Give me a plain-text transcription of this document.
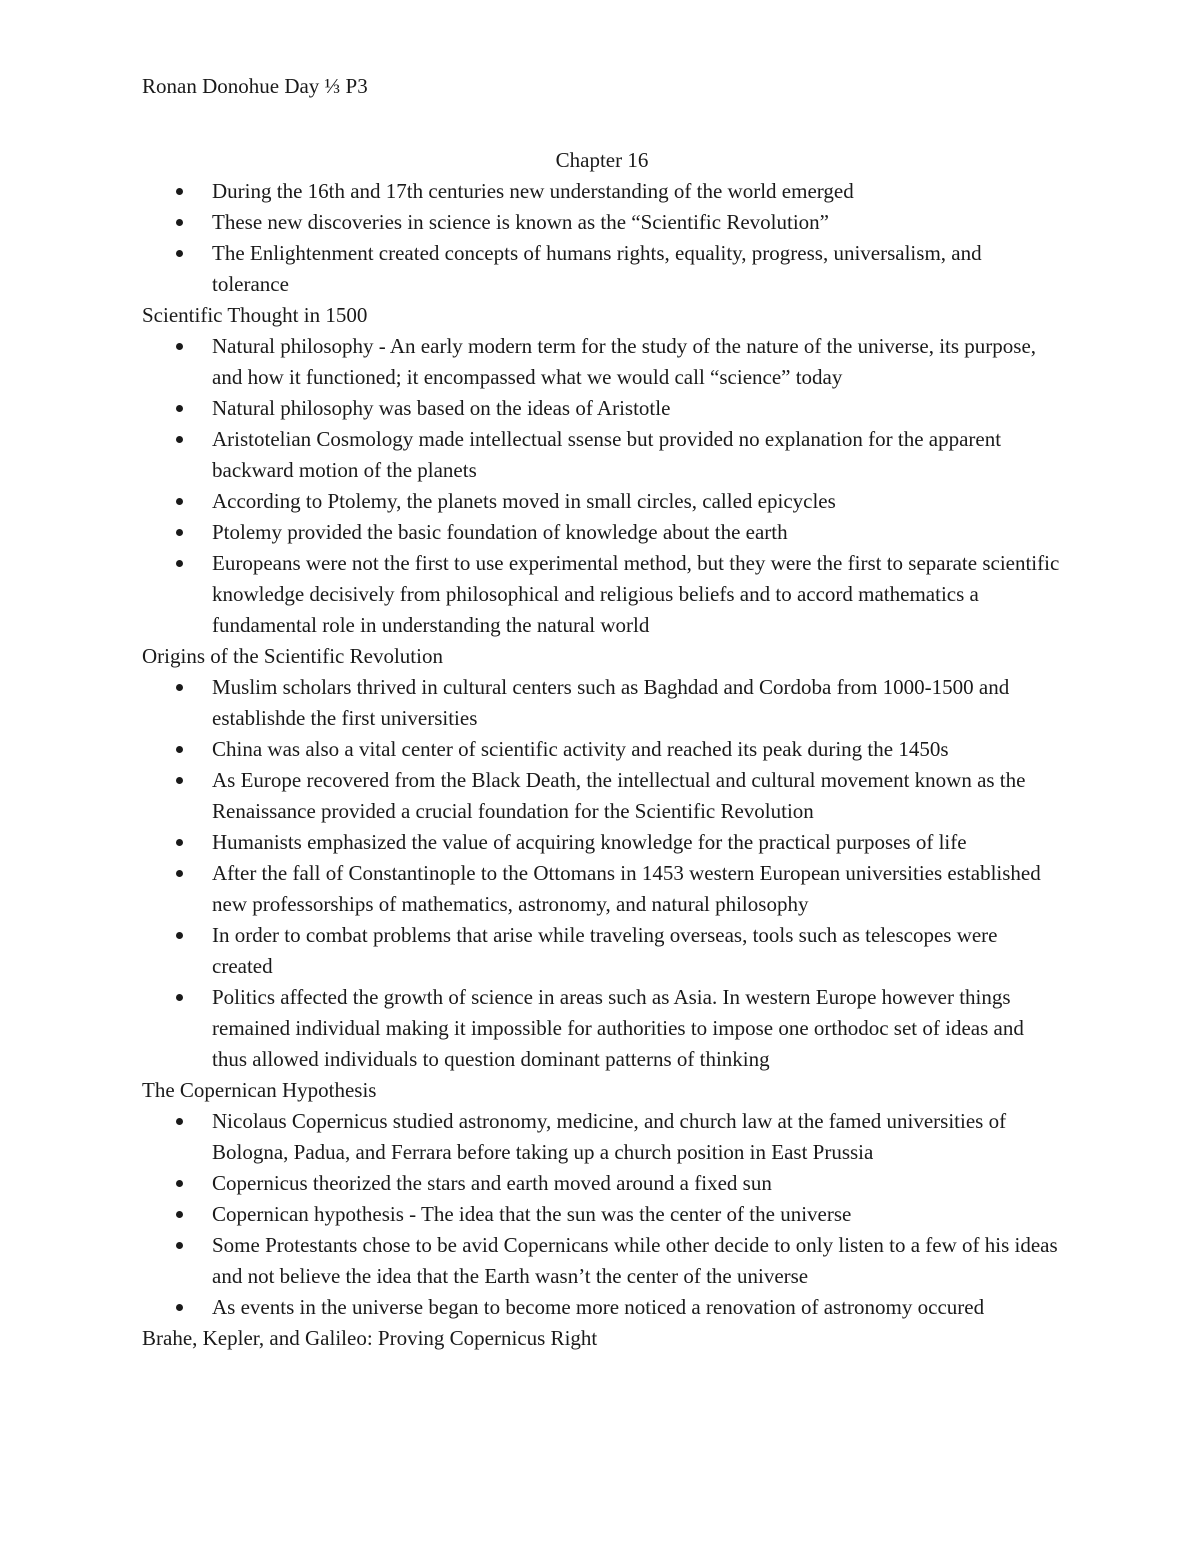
Ronan Donohue Day ⅓ P3

Chapter 16

During the 16th and 17th centuries new understanding of the world emerged
These new discoveries in science is known as the “Scientific Revolution”
The Enlightenment created concepts of humans rights, equality, progress, universalism, and tolerance

Scientific Thought in 1500

Natural philosophy - An early modern term for the study of the nature of the universe, its purpose, and how it functioned; it encompassed what we would call “science” today
Natural philosophy was based on the ideas of Aristotle
Aristotelian Cosmology made intellectual ssense but provided no explanation for the apparent backward motion of the planets
According to Ptolemy, the planets moved in small circles, called epicycles
Ptolemy provided the basic foundation of knowledge about the earth
Europeans were not the first to use experimental method, but they were the first to separate scientific knowledge decisively from philosophical and religious beliefs and to accord mathematics a fundamental role in understanding the natural world

Origins of the Scientific Revolution

Muslim scholars thrived in cultural centers such as Baghdad and Cordoba from 1000-1500 and establishde the first universities
China was also a vital center of scientific activity and reached its peak during the 1450s
As Europe recovered from the Black Death, the intellectual and cultural movement known as the Renaissance provided a crucial foundation for the Scientific Revolution
Humanists emphasized the value of acquiring knowledge for the practical purposes of life
After the fall of Constantinople to the Ottomans in 1453 western European universities established new professorships of mathematics, astronomy, and natural philosophy
In order to combat problems that arise while traveling overseas, tools such as telescopes were created
Politics affected the growth of science in areas such as Asia. In western Europe however things remained individual making it impossible for authorities to impose one orthodoc set of ideas and thus allowed individuals to question dominant patterns of thinking

The Copernican Hypothesis

Nicolaus Copernicus studied astronomy, medicine, and church law at the famed universities of Bologna, Padua, and Ferrara before taking up a church position in East Prussia
Copernicus theorized the stars and earth moved around a fixed sun
Copernican hypothesis - The idea that the sun was the center of the universe
Some Protestants chose to be avid Copernicans while other decide to only listen to a few of his ideas and not believe the idea that the Earth wasn’t the center of the universe
As events in the universe began to become more noticed a renovation of astronomy occured

Brahe, Kepler, and Galileo: Proving Copernicus Right
